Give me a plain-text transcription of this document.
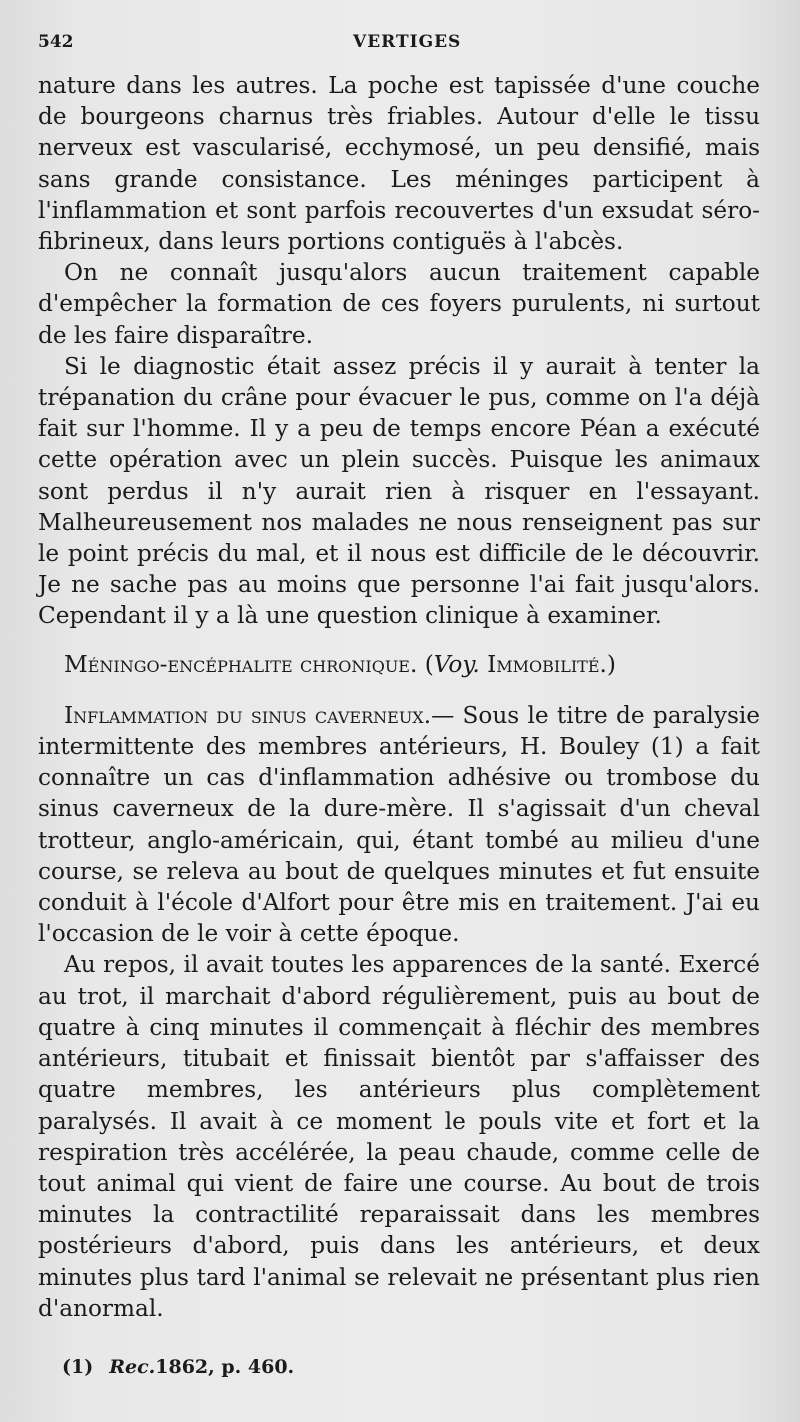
542	VERTIGES

nature dans les autres. La poche est tapissée d'une couche de bourgeons charnus très friables. Autour d'elle le tissu nerveux est vascularisé, ecchymosé, un peu densifié, mais sans grande consistance. Les méninges participent à l'inflammation et sont parfois recouvertes d'un exsudat séro-fibrineux, dans leurs portions contiguës à l'abcès.

On ne connaît jusqu'alors aucun traitement capable d'empêcher la formation de ces foyers purulents, ni surtout de les faire disparaître.

Si le diagnostic était assez précis il y aurait à tenter la trépanation du crâne pour évacuer le pus, comme on l'a déjà fait sur l'homme. Il y a peu de temps encore Péan a exécuté cette opération avec un plein succès. Puisque les animaux sont perdus il n'y aurait rien à risquer en l'essayant. Malheureusement nos malades ne nous renseignent pas sur le point précis du mal, et il nous est difficile de le découvrir. Je ne sache pas au moins que personne l'ai fait jusqu'alors. Cependant il y a là une question clinique à examiner.

Méningo-encéphalite chronique. (Voy. Immobilité.)

Inflammation du sinus caverneux.— Sous le titre de paralysie intermittente des membres antérieurs, H. Bouley (1) a fait connaître un cas d'inflammation adhésive ou trombose du sinus caverneux de la dure-mère. Il s'agissait d'un cheval trotteur, anglo-américain, qui, étant tombé au milieu d'une course, se releva au bout de quelques minutes et fut ensuite conduit à l'école d'Alfort pour être mis en traitement. J'ai eu l'occasion de le voir à cette époque.

Au repos, il avait toutes les apparences de la santé. Exercé au trot, il marchait d'abord régulièrement, puis au bout de quatre à cinq minutes il commençait à fléchir des membres antérieurs, titubait et finissait bientôt par s'affaisser des quatre membres, les antérieurs plus complètement paralysés. Il avait à ce moment le pouls vite et fort et la respiration très accélérée, la peau chaude, comme celle de tout animal qui vient de faire une course. Au bout de trois minutes la contractilité reparaissait dans les membres postérieurs d'abord, puis dans les antérieurs, et deux minutes plus tard l'animal se relevait ne présentant plus rien d'anormal.

(1) Rec.1862, p. 460.
